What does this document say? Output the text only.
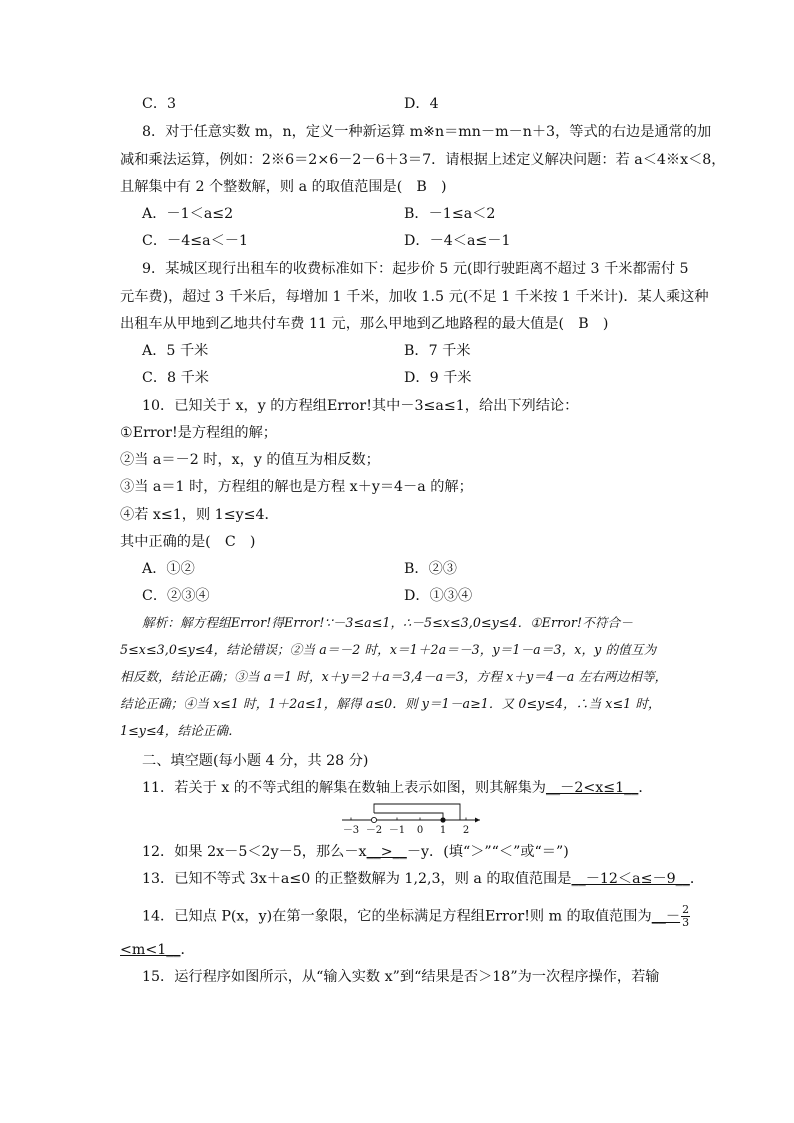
C．3	D．4
8．对于任意实数 m，n，定义一种新运算 m※n＝mn－m－n＋3，等式的右边是通常的加
减和乘法运算，例如：2※6＝2×6－2－6＋3＝7．请根据上述定义解决问题：若 a＜4※x＜8，
且解集中有 2 个整数解，则 a 的取值范围是(　B　)
A．－1＜a≤2	B．－1≤a＜2
C．－4≤a＜－1	D．－4＜a≤－1
9．某城区现行出租车的收费标准如下：起步价 5 元(即行驶距离不超过 3 千米都需付 5
元车费)，超过 3 千米后，每增加 1 千米，加收 1.5 元(不足 1 千米按 1 千米计)．某人乘这种
出租车从甲地到乙地共付车费 11 元，那么甲地到乙地路程的最大值是(　B　)
A．5 千米	B．7 千米
C．8 千米	D．9 千米
10．已知关于 x，y 的方程组Error!其中－3≤a≤1，给出下列结论：
①Error!是方程组的解；
②当 a＝－2 时，x，y 的值互为相反数；
③当 a＝1 时，方程组的解也是方程 x＋y＝4－a 的解；
④若 x≤1，则 1≤y≤4．
其中正确的是(　C　)
A．①②	B．②③
C．②③④	D．①③④
解析：解方程组Error!得Error!∵－3≤a≤1，∴－5≤x≤3,0≤y≤4．①Error!不符合－
5≤x≤3,0≤y≤4，结论错误；②当 a＝－2 时，x＝1＋2a＝－3，y＝1－a＝3，x，y 的值互为
相反数，结论正确；③当 a＝1 时，x＋y＝2＋a＝3,4－a＝3，方程 x＋y＝4－a 左右两边相等，
结论正确；④当 x≤1 时，1＋2a≤1，解得 a≤0．则 y＝1－a≥1．又 0≤y≤4，∴当 x≤1 时，
1≤y≤4，结论正确．
二、填空题(每小题 4 分，共 28 分)
11．若关于 x 的不等式组的解集在数轴上表示如图，则其解集为__－2<x≤1__．
－3 －2 －1 0 1 2
12．如果 2x－5＜2y－5，那么－x__>__－y．(填“＞”“＜”或“＝”)
13．已知不等式 3x＋a≤0 的正整数解为 1,2,3，则 a 的取值范围是__－12＜a≤－9__．
14．已知点 P(x，y)在第一象限，它的坐标满足方程组Error!则 m 的取值范围为__－ $\frac{2}{3}$
<m<1__．
15．运行程序如图所示，从“输入实数 x”到“结果是否＞18”为一次程序操作，若输
